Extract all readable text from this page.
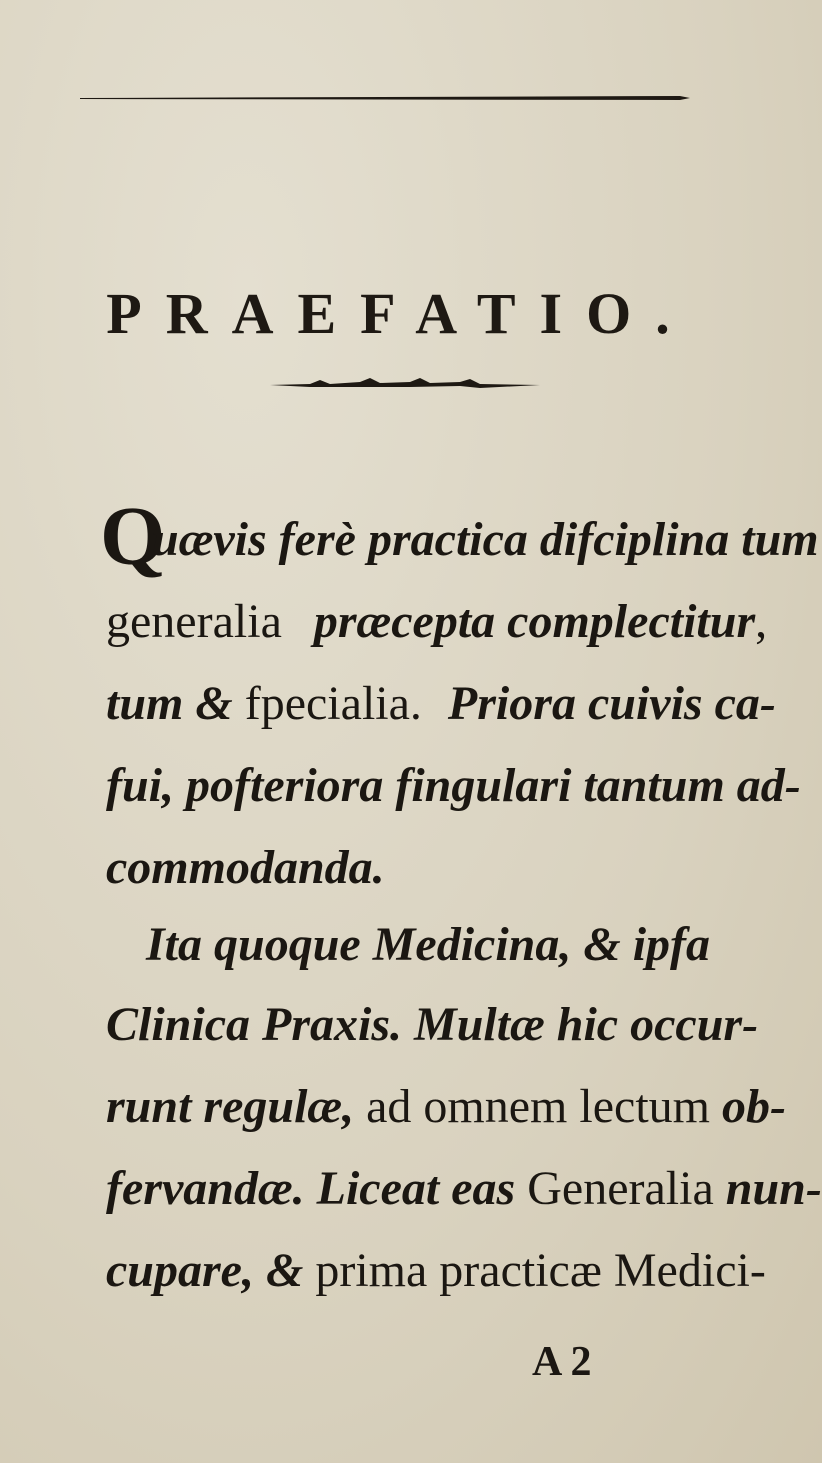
PRAEFATIO.
Q
uævis ferè practica difciplina tum
generalia præcepta complectitur,
tum & fpecialia. Priora cuivis ca-
fui, pofteriora fingulari tantum ad-
commodanda.
Ita quoque Medicina, & ipfa
Clinica Praxis. Multæ hic occur-
runt regulæ, ad omnem lectum ob-
fervandæ. Liceat eas Generalia nun-
cupare, & prima practicæ Medici-
A 2
